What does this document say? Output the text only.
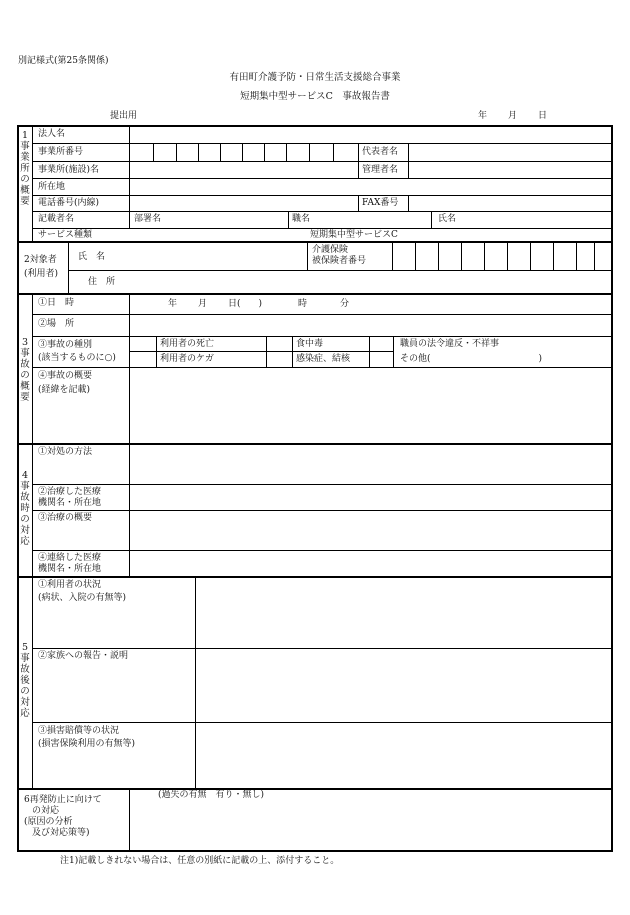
別記様式(第25条関係)
有田町介護予防・日常生活支援総合事業
短期集中型サービスC　事故報告書
提出用	年 月 日
1
事
業
所
の
概
要
法人名
事業所番号	代表者名
事業所(施設)名	管理者名
所在地
電話番号(内線)	FAX番号
記載者名	部署名	職名	氏名
サービス種類	短期集中型サービスC
2対象者
(利用者)
氏　名
住　所
介護保険
被保険者番号
3
事
故
の
概
要
①日　時	年 月 日(　　)	時	分
②場　所
③事故の種別
(該当するものに○)
利用者の死亡	食中毒	職員の法令違反・不祥事
利用者のケガ	感染症、結核	その他(　　　　　　　　　　　　)
④事故の概要
(経緯を記載)
4
事
故
時
の
対
応
①対処の方法
②治療した医療
機関名・所在地
③治療の概要
④連絡した医療
機関名・所在地
5
事
故
後
の
対
応
①利用者の状況
(病状、入院の有無等)
②家族への報告・説明
③損害賠償等の状況
(損害保険利用の有無等)
6再発防止に向けて
の対応
(原因の分析
及び対応策等)
(過失の有無　有り・無し)
注1)記載しきれない場合は、任意の別紙に記載の上、添付すること。
